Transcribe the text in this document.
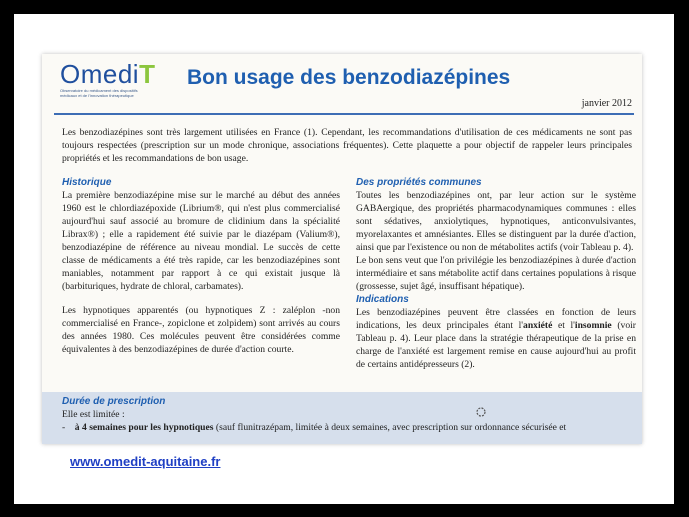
OmediT
Observatoire du médicament des dispositifs médicaux et de l'innovation thérapeutique
Bon usage des benzodiazépines
janvier 2012
Les benzodiazépines sont très largement utilisées en France (1). Cependant, les recommandations d'utilisation de ces médicaments ne sont pas toujours respectées (prescription sur un mode chronique, associations fréquentes). Cette plaquette a pour objectif de rappeler leurs principales propriétés et les recommandations de bon usage.
Historique

La première benzodiazépine mise sur le marché au début des années 1960 est le chlordiazépoxide (Librium®, qui n'est plus commercialisé aujourd'hui sauf associé au bromure de clidinium dans la spécialité Librax®) ; elle a rapidement été suivie par le diazépam (Valium®), benzodiazépine de référence au niveau mondial. Le succès de cette classe de médicaments a été très rapide, car les benzodiazépines sont maniables, notamment par rapport à ce qui existait jusque là (barbituriques, hydrate de chloral, carbamates).

Les hypnotiques apparentés (ou hypnotiques Z : zaléplon -non commercialisé en France-, zopiclone et zolpidem) sont arrivés au cours des années 1980. Ces molécules peuvent être considérées comme équivalentes à des benzodiazépines de durée d'action courte.

Des propriétés communes

Toutes les benzodiazépines ont, par leur action sur le système GABAergique, des propriétés pharmacodynamiques communes : elles sont sédatives, anxiolytiques, hypnotiques, anticonvulsivantes, myorelaxantes et amnésiantes. Elles se distinguent par la durée d'action, ainsi que par l'existence ou non de métabolites actifs (voir Tableau p. 4).

Le bon sens veut que l'on privilégie les benzodiazépines à durée d'action intermédiaire et sans métabolite actif dans certaines populations à risque (grossesse, sujet âgé, insuffisant hépatique).

Indications

Les benzodiazépines peuvent être classées en fonction de leurs indications, les deux principales étant l'anxiété et l'insomnie (voir Tableau p. 4). Leur place dans la stratégie thérapeutique de la prise en charge de l'anxiété est largement remise en cause aujourd'hui au profit de certains antidépresseurs (2).

Durée de prescription
Elle est limitée :
- à 4 semaines pour les hypnotiques (sauf flunitrazépam, limitée à deux semaines, avec prescription sur ordonnance sécurisée et
www.omedit-aquitaine.fr
